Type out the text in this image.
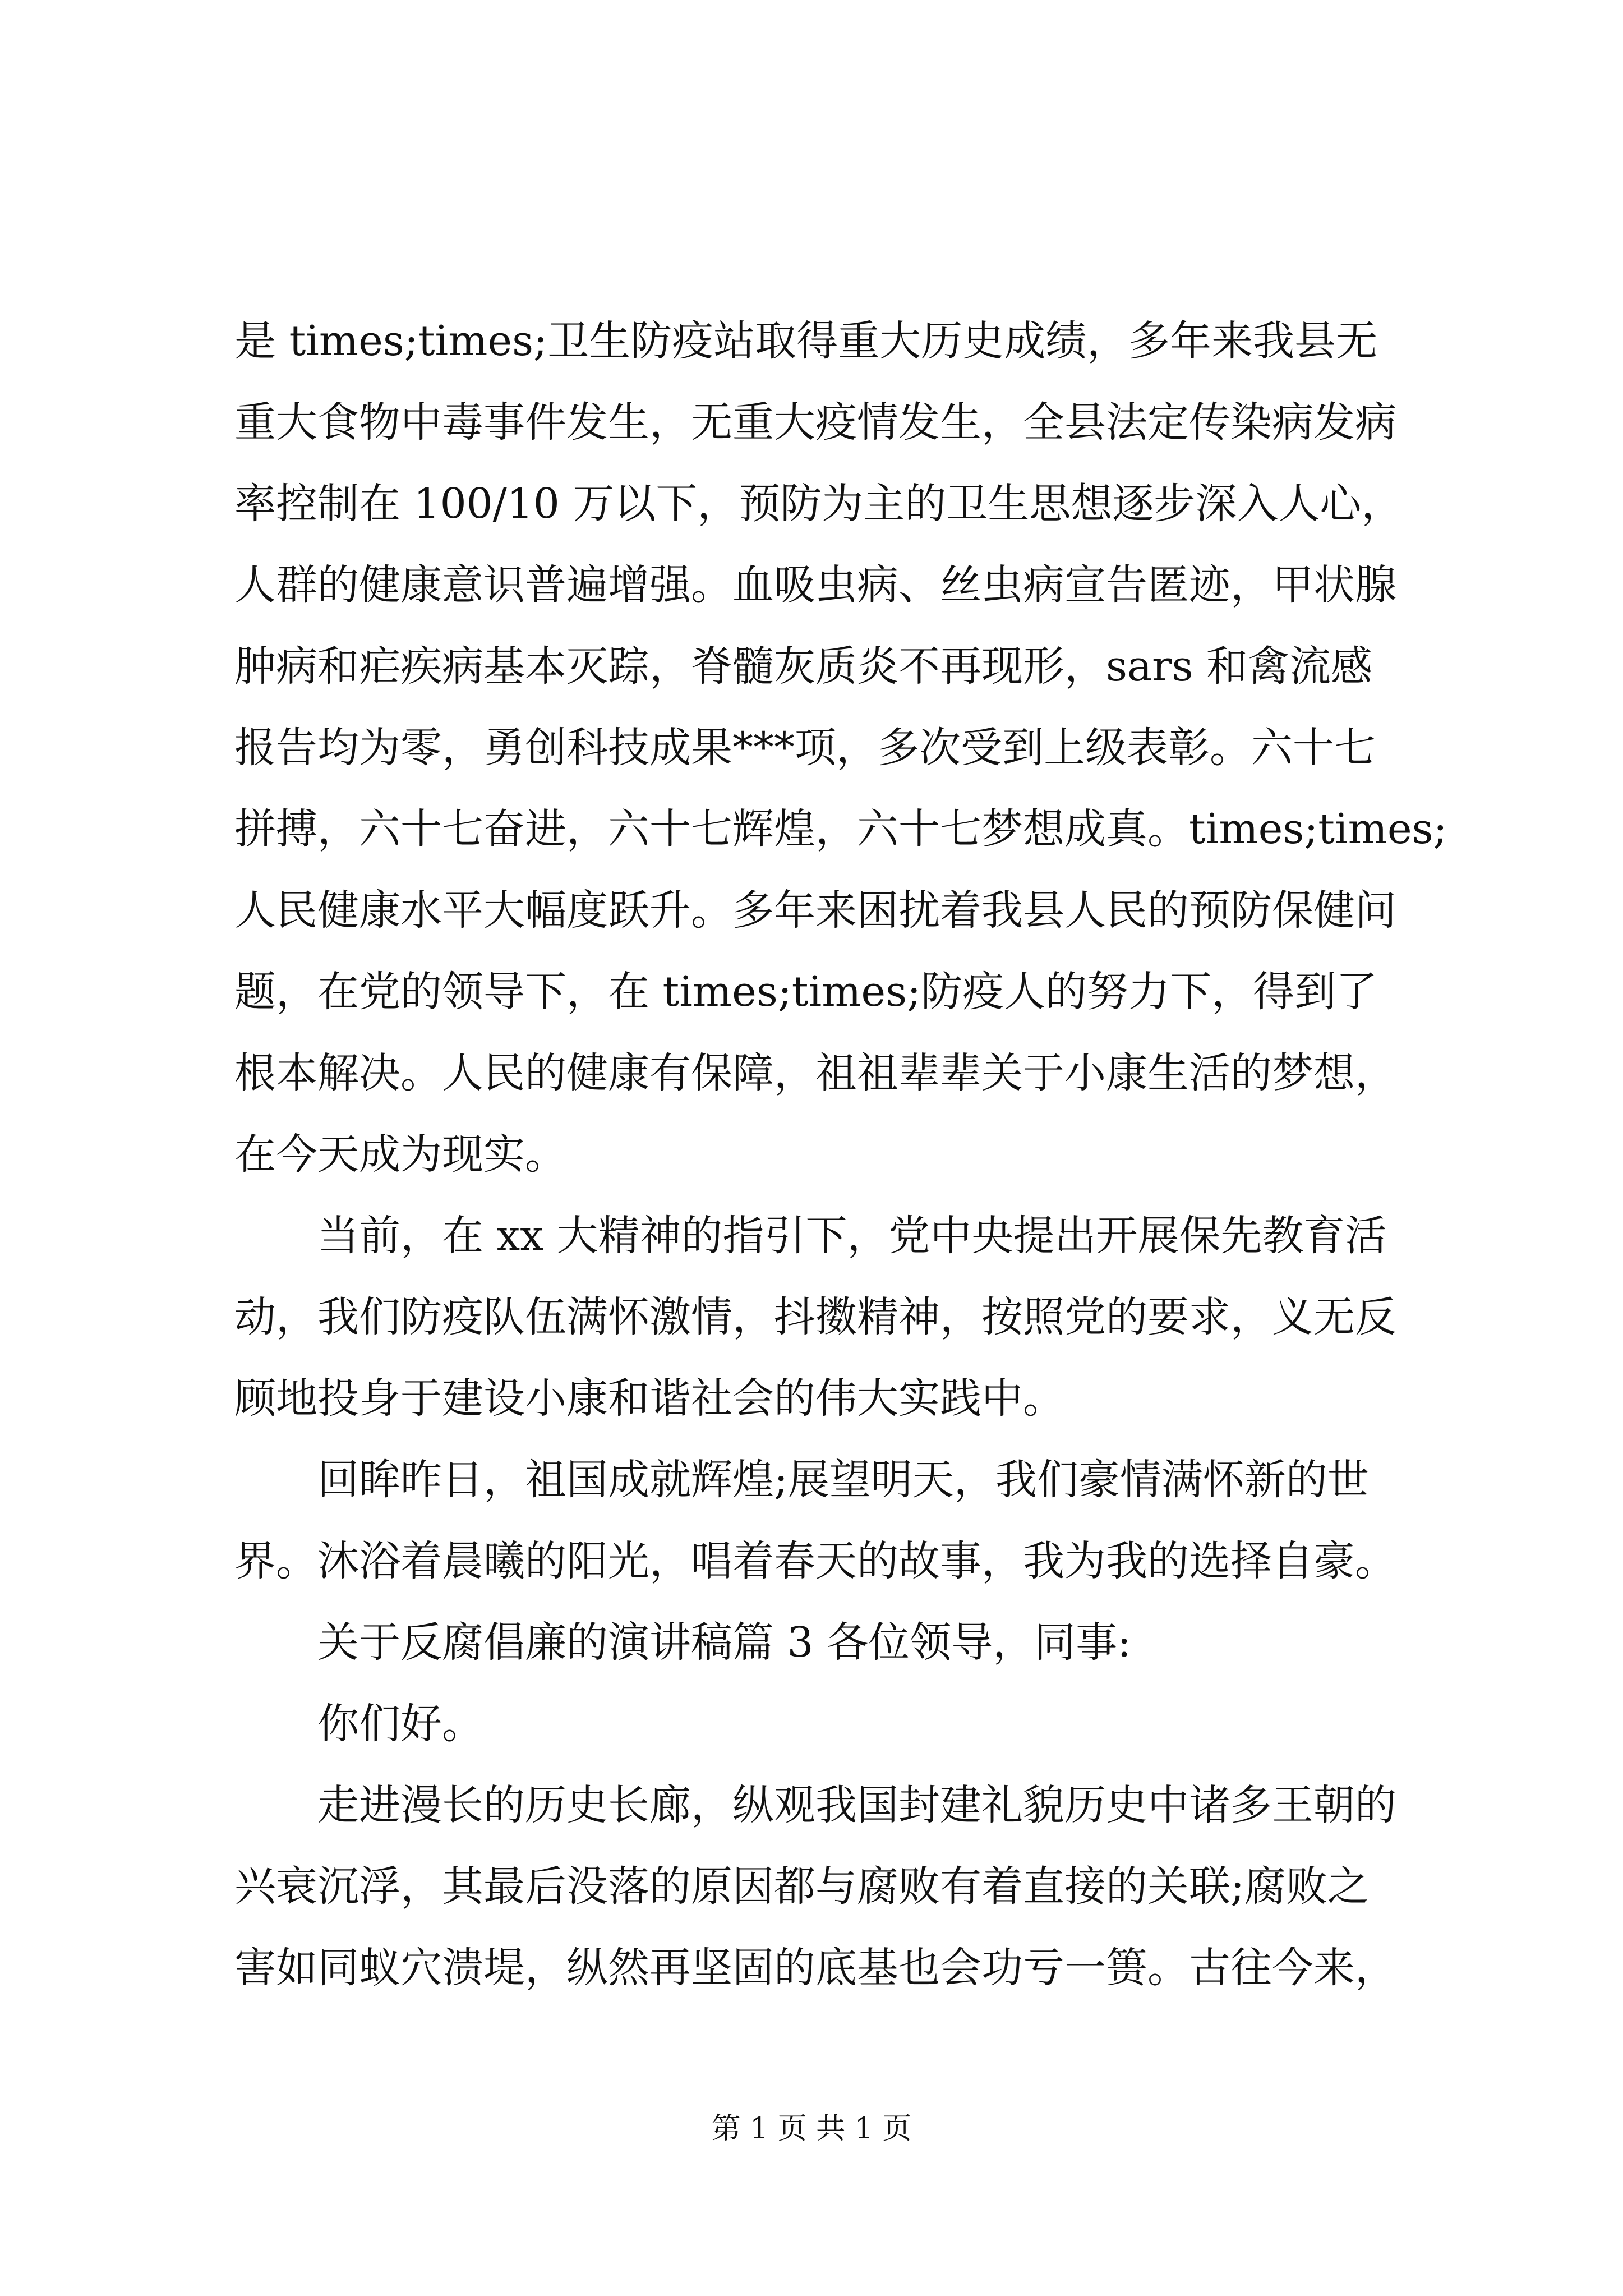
是 times;times;卫生防疫站取得重大历史成绩，多年来我县无
重大食物中毒事件发生，无重大疫情发生，全县法定传染病发病
率控制在 100/10 万以下，预防为主的卫生思想逐步深入人心，
人群的健康意识普遍增强。血吸虫病、丝虫病宣告匿迹，甲状腺
肿病和疟疾病基本灭踪，脊髓灰质炎不再现形，sars 和禽流感
报告均为零，勇创科技成果***项，多次受到上级表彰。六十七
拼搏，六十七奋进，六十七辉煌，六十七梦想成真。times;times;
人民健康水平大幅度跃升。多年来困扰着我县人民的预防保健问
题，在党的领导下，在 times;times;防疫人的努力下，得到了
根本解决。人民的健康有保障，祖祖辈辈关于小康生活的梦想，
在今天成为现实。
当前，在 xx 大精神的指引下，党中央提出开展保先教育活
动，我们防疫队伍满怀激情，抖擞精神，按照党的要求，义无反
顾地投身于建设小康和谐社会的伟大实践中。
回眸昨日，祖国成就辉煌;展望明天，我们豪情满怀新的世
界。沐浴着晨曦的阳光，唱着春天的故事，我为我的选择自豪。
关于反腐倡廉的演讲稿篇 3 各位领导，同事:
你们好。
走进漫长的历史长廊，纵观我国封建礼貌历史中诸多王朝的
兴衰沉浮，其最后没落的原因都与腐败有着直接的关联;腐败之
害如同蚁穴溃堤，纵然再坚固的底基也会功亏一篑。古往今来，
第 1 页 共 1 页
